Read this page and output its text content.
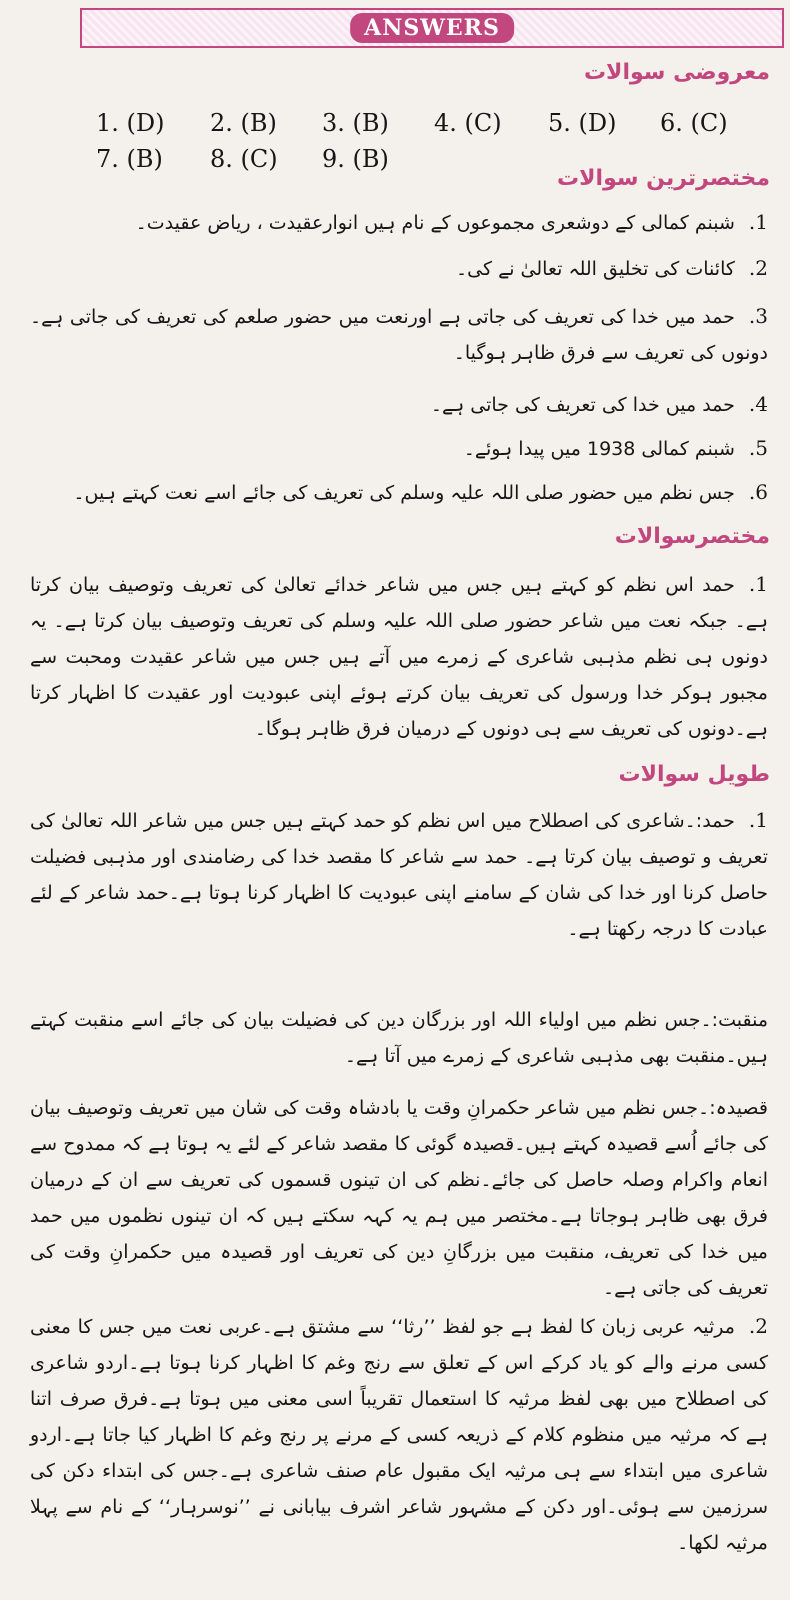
ANSWERS
معروضی سوالات
1. (D) 2. (B) 3. (B) 4. (C) 5. (D) 6. (C)
7. (B) 8. (C) 9. (B)
مختصرترین سوالات
1.شبنم کمالی کے دوشعری مجموعوں کے نام ہیں انوارعقیدت ، ریاض عقیدت۔
2.کائنات کی تخلیق اللہ تعالیٰ نے کی۔
3.حمد میں خدا کی تعریف کی جاتی ہے اورنعت میں حضور صلعم کی تعریف کی جاتی ہے۔دونوں کی تعریف سے فرق ظاہر ہوگیا۔
4.حمد میں خدا کی تعریف کی جاتی ہے۔
5.شبنم کمالی 1938 میں پیدا ہوئے۔
6.جس نظم میں حضور صلی اللہ علیہ وسلم کی تعریف کی جائے اسے نعت کہتے ہیں۔
مختصرسوالات
1.حمد اس نظم کو کہتے ہیں جس میں شاعر خدائے تعالیٰ کی تعریف وتوصیف بیان کرتا ہے۔ جبکہ نعت میں شاعر حضور صلی اللہ علیہ وسلم کی تعریف وتوصیف بیان کرتا ہے۔ یہ دونوں ہی نظم مذہبی شاعری کے زمرے میں آتے ہیں جس میں شاعر عقیدت ومحبت سے مجبور ہوکر خدا ورسول کی تعریف بیان کرتے ہوئے اپنی عبودیت اور عقیدت کا اظہار کرتا ہے۔دونوں کی تعریف سے ہی دونوں کے درمیان فرق ظاہر ہوگا۔
طویل سوالات
1.حمد:۔شاعری کی اصطلاح میں اس نظم کو حمد کہتے ہیں جس میں شاعر اللہ تعالیٰ کی تعریف و توصیف بیان کرتا ہے۔ حمد سے شاعر کا مقصد خدا کی رضامندی اور مذہبی فضیلت حاصل کرنا اور خدا کی شان کے سامنے اپنی عبودیت کا اظہار کرنا ہوتا ہے۔حمد شاعر کے لئے عبادت کا درجہ رکھتا ہے۔
منقبت:۔جس نظم میں اولیاء اللہ اور بزرگان دین کی فضیلت بیان کی جائے اسے منقبت کہتے ہیں۔منقبت بھی مذہبی شاعری کے زمرے میں آتا ہے۔
قصیدہ:۔جس نظم میں شاعر حکمرانِ وقت یا بادشاہ وقت کی شان میں تعریف وتوصیف بیان کی جائے اُسے قصیدہ کہتے ہیں۔قصیدہ گوئی کا مقصد شاعر کے لئے یہ ہوتا ہے کہ ممدوح سے انعام واکرام وصلہ حاصل کی جائے۔نظم کی ان تینوں قسموں کی تعریف سے ان کے درمیان فرق بھی ظاہر ہوجاتا ہے۔مختصر میں ہم یہ کہہ سکتے ہیں کہ ان تینوں نظموں میں حمد میں خدا کی تعریف، منقبت میں بزرگانِ دین کی تعریف اور قصیدہ میں حکمرانِ وقت کی تعریف کی جاتی ہے۔
2.مرثیہ عربی زبان کا لفظ ہے جو لفظ ’’رثا‘‘ سے مشتق ہے۔عربی نعت میں جس کا معنی کسی مرنے والے کو یاد کرکے اس کے تعلق سے رنج وغم کا اظہار کرنا ہوتا ہے۔اردو شاعری کی اصطلاح میں بھی لفظ مرثیہ کا استعمال تقریباً اسی معنی میں ہوتا ہے۔فرق صرف اتنا ہے کہ مرثیہ میں منظوم کلام کے ذریعہ کسی کے مرنے پر رنج وغم کا اظہار کیا جاتا ہے۔اردو شاعری میں ابتداء سے ہی مرثیہ ایک مقبول عام صنف شاعری ہے۔جس کی ابتداء دکن کی سرزمین سے ہوئی۔اور دکن کے مشہور شاعر اشرف بیابانی نے ’’نوسرہار‘‘ کے نام سے پہلا مرثیہ لکھا۔
